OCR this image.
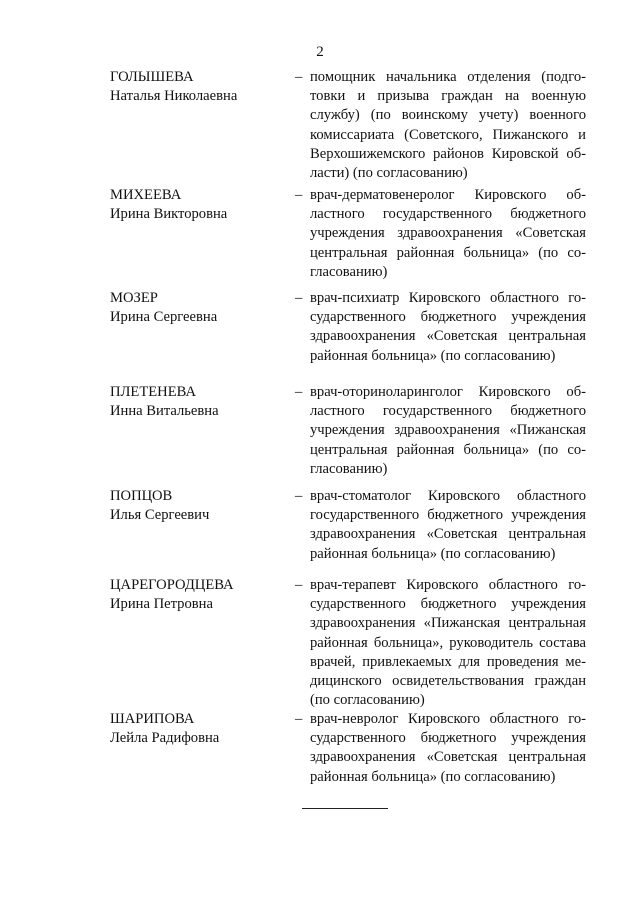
2
ГОЛЫШЕВА
Наталья Николаевна
– помощник начальника отделения (подго-
товки и призыва граждан на военную
службу) (по воинскому учету) военного
комиссариата (Советского, Пижанского и
Верхошижемского районов Кировской об-
ласти) (по согласованию)
МИХЕЕВА
Ирина Викторовна
– врач-дерматовенеролог Кировского об-
ластного государственного бюджетного
учреждения здравоохранения «Советская
центральная районная больница» (по со-
гласованию)
МОЗЕР
Ирина Сергеевна
– врач-психиатр Кировского областного го-
сударственного бюджетного учреждения
здравоохранения «Советская центральная
районная больница» (по согласованию)
ПЛЕТЕНЕВА
Инна Витальевна
– врач-оториноларинголог Кировского об-
ластного государственного бюджетного
учреждения здравоохранения «Пижанская
центральная районная больница» (по со-
гласованию)
ПОПЦОВ
Илья Сергеевич
– врач-стоматолог Кировского областного
государственного бюджетного учреждения
здравоохранения «Советская центральная
районная больница» (по согласованию)
ЦАРЕГОРОДЦЕВА
Ирина Петровна
– врач-терапевт Кировского областного го-
сударственного бюджетного учреждения
здравоохранения «Пижанская центральная
районная больница», руководитель состава
врачей, привлекаемых для проведения ме-
дицинского освидетельствования граждан
(по согласованию)
ШАРИПОВА
Лейла Радифовна
– врач-невролог Кировского областного го-
сударственного бюджетного учреждения
здравоохранения «Советская центральная
районная больница» (по согласованию)
